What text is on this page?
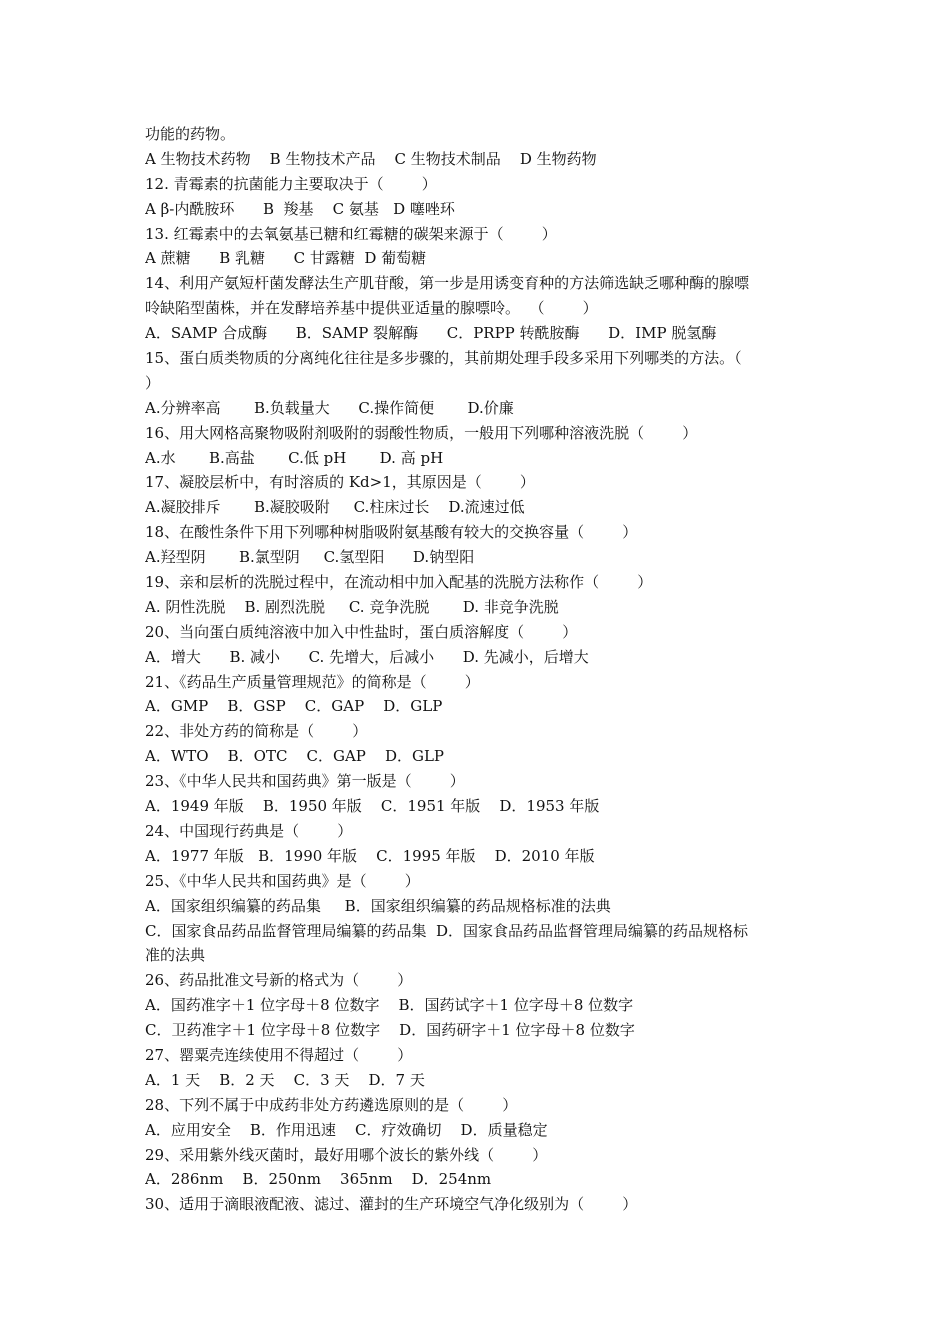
功能的药物。
A 生物技术药物    B 生物技术产品    C 生物技术制品    D 生物药物
12. 青霉素的抗菌能力主要取决于（        ）
A β-内酰胺环      B  羧基    C 氨基   D 噻唑环
13. 红霉素中的去氧氨基已糖和红霉糖的碳架来源于（        ）
A 蔗糖      B 乳糖      C 甘露糖  D 葡萄糖
14、利用产氨短杆菌发酵法生产肌苷酸，第一步是用诱变育种的方法筛选缺乏哪种酶的腺嘌
呤缺陷型菌株，并在发酵培养基中提供亚适量的腺嘌呤。  （        ）
A．SAMP 合成酶      B．SAMP 裂解酶      C．PRPP 转酰胺酶      D．IMP 脱氢酶
15、蛋白质类物质的分离纯化往往是多步骤的，其前期处理手段多采用下列哪类的方法。（
）
A.分辨率高       B.负载量大      C.操作简便       D.价廉
16、用大网格高聚物吸附剂吸附的弱酸性物质，一般用下列哪种溶液洗脱（        ）
A.水       B.高盐       C.低 pH       D. 高 pH
17、凝胶层析中，有时溶质的 Kd>1，其原因是（        ）
A.凝胶排斥       B.凝胶吸附     C.柱床过长    D.流速过低
18、在酸性条件下用下列哪种树脂吸附氨基酸有较大的交换容量（        ）
A.羟型阴       B.氯型阴     C.氢型阳      D.钠型阳
19、亲和层析的洗脱过程中，在流动相中加入配基的洗脱方法称作（        ）
A. 阴性洗脱    B. 剧烈洗脱     C. 竞争洗脱       D. 非竞争洗脱
20、当向蛋白质纯溶液中加入中性盐时，蛋白质溶解度（        ）
A．增大      B. 减小      C. 先增大，后减小      D. 先减小，后增大
21、《药品生产质量管理规范》的简称是（        ）
A．GMP    B．GSP    C．GAP    D．GLP
22、非处方药的简称是（        ）
A．WTO    B．OTC    C．GAP    D．GLP
23、《中华人民共和国药典》第一版是（        ）
A．1949 年版    B．1950 年版    C．1951 年版    D．1953 年版
24、中国现行药典是（        ）
A．1977 年版   B．1990 年版    C．1995 年版    D．2010 年版
25、《中华人民共和国药典》是（        ）
A．国家组织编纂的药品集     B．国家组织编纂的药品规格标准的法典
C．国家食品药品监督管理局编纂的药品集  D．国家食品药品监督管理局编纂的药品规格标
准的法典
26、药品批准文号新的格式为（        ）
A．国药准字＋1 位字母＋8 位数字    B．国药试字＋1 位字母＋8 位数字
C．卫药准字＋1 位字母＋8 位数字    D．国药研字＋1 位字母＋8 位数字
27、罂粟壳连续使用不得超过（        ）
A．1 天    B．2 天    C．3 天    D．7 天
28、下列不属于中成药非处方药遴选原则的是（        ）
A．应用安全    B．作用迅速    C．疗效确切    D．质量稳定
29、采用紫外线灭菌时，最好用哪个波长的紫外线（        ）
A．286nm    B．250nm    365nm    D．254nm
30、适用于滴眼液配液、滤过、灌封的生产环境空气净化级别为（        ）
